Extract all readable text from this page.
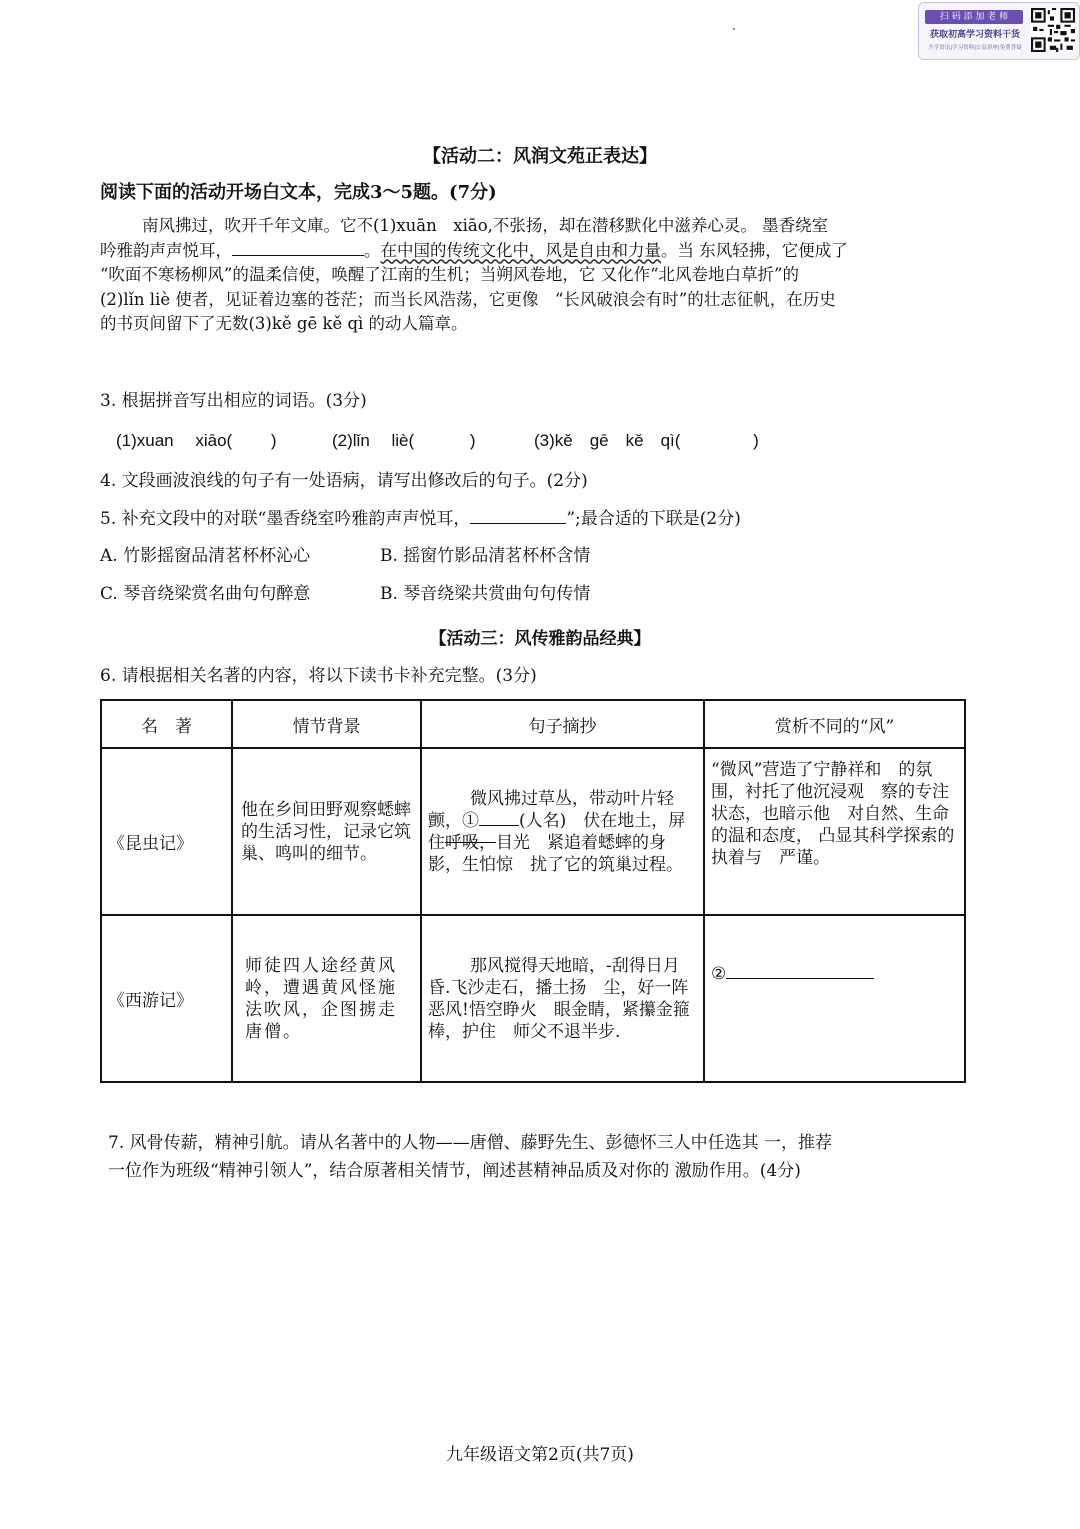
扫 码 添 加 老 师
获取初高学习资料干货
升学资讯|学习资料|公益讲座|免费答疑
【活动二：风润文苑正表达】
阅读下面的活动开场白文本，完成3～5题。(7分)
南风拂过，吹开千年文庫。它不(1)xuān　xiāo,不张扬，却在潜移默化中滋养心灵。 墨香绕室
吟雅韵声声悦耳，	。在中国的传统文化中，风是自由和力量。当 东风轻拂，它便成了
“吹面不寒杨柳风”的温柔信使，唤醒了江南的生机；当朔风卷地，它 又化作“北风卷地白草折”的
(2)lǐn liè 使者，见证着边塞的苍茫；而当长风浩荡，它更像　“长风破浪会有时”的壮志征帆，在历史
的书页间留下了无数(3)kě gē kě qì 的动人篇章。
3. 根据拼音写出相应的词语。(3分)
(1)xuan　 xiāo(　　 )	(2)lǐn　 liè(　　　 )	(3)kě　gē　kě　qì(　　　　 )
4. 文段画波浪线的句子有一处语病，请写出修改后的句子。(2分)
5. 补充文段中的对联“墨香绕室吟雅韵声声悦耳，	”;最合适的下联是(2分)
A. 竹影摇窗品清茗杯杯沁心	B. 摇窗竹影品清茗杯杯含情
C. 琴音绕梁赏名曲句句醉意	B. 琴音绕梁共赏曲句句传情
【活动三：风传雅韵品经典】
6. 请根据相关名著的内容，将以下读书卡补充完整。(3分)
名　著	情节背景	句子摘抄	赏析不同的“风”
《昆虫记》	他在乡间田野观察蟋蟀的生活习性，记录它筑巢、鸣叫的细节。	微风拂过草丛，带动叶片轻颤，① (人名)　伏在地土，屏住呼吸，目光　紧追着蟋蟀的身影，生怕惊　扰了它的筑巢过程。	“微风”营造了宁静祥和　的氛围，衬托了他沉浸观　察的专注状态，也暗示他　对自然、生命的温和态度， 凸显其科学探索的执着与　严谨。
《西游记》	师徒四人途经黄风岭，遭遇黄风怪施法吹风，企图掳走唐僧。	那风搅得天地暗，-刮得日月昏.飞沙走石，播土扬　尘，好一阵恶风!悟空睁火　眼金睛，紧攥金箍棒，护住　师父不退半步.	②
7. 风骨传薪，精神引航。请从名著中的人物——唐僧、藤野先生、彭德怀三人中任选其 一，推荐
一位作为班级“精神引领人”，结合原著相关情节，阐述甚精神品质及对你的 激励作用。(4分)
九年级语文第2页(共7页)
